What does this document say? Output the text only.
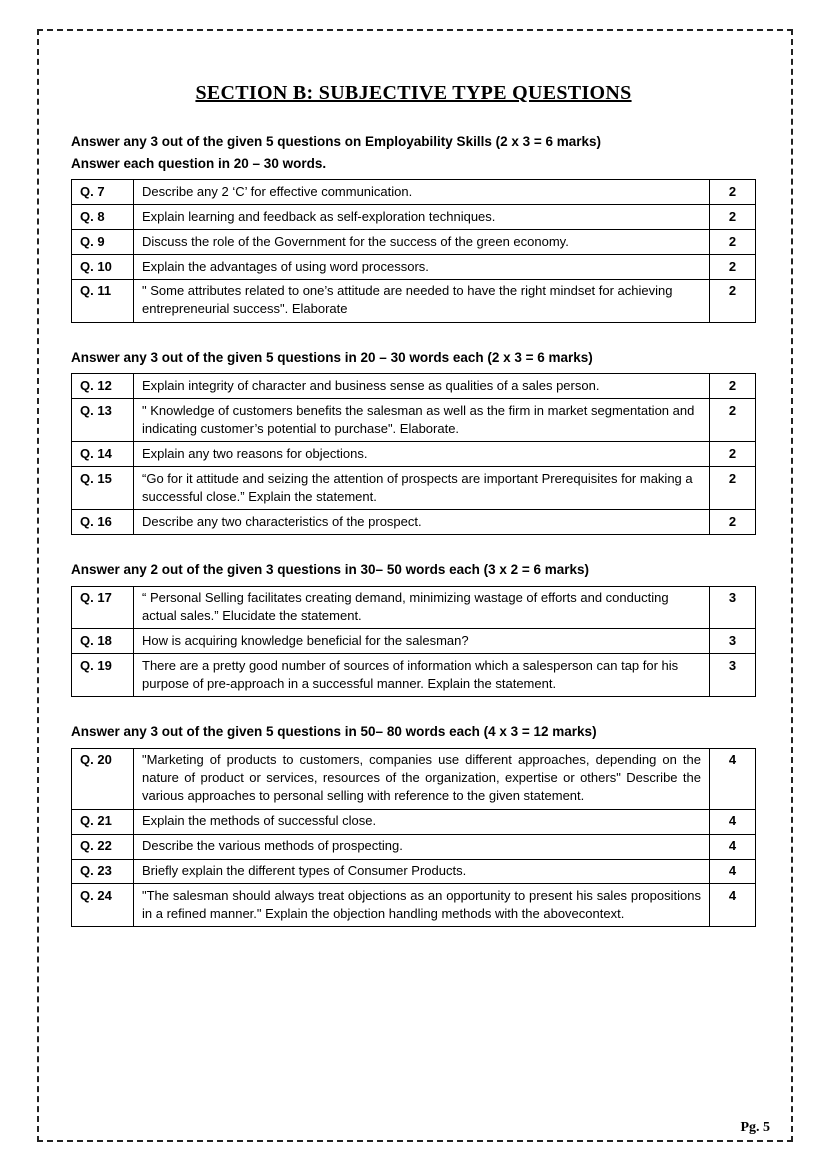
SECTION B: SUBJECTIVE TYPE QUESTIONS

Answer any 3 out of the given 5 questions on Employability Skills (2 x 3 = 6 marks)

Answer each question in 20 – 30 words.

Q. 7	Describe any 2 ‘C’ for effective communication.	2
Q. 8	Explain learning and feedback as self-exploration techniques.	2
Q. 9	Discuss the role of the Government for the success of the green economy.	2
Q. 10	Explain the advantages of using word processors.	2
Q. 11	" Some attributes related to one’s attitude are needed to have the right mindset for achieving entrepreneurial success". Elaborate	2

Answer any 3 out of the given 5 questions in 20 – 30 words each (2 x 3 = 6 marks)

Q. 12	Explain integrity of character and business sense as qualities of a sales person.	2
Q. 13	" Knowledge of customers benefits the salesman as well as the firm in market segmentation and indicating customer’s potential to purchase". Elaborate.	2
Q. 14	Explain any two reasons for objections.	2
Q. 15	“Go for it attitude and seizing the attention of prospects are important Prerequisites for making a successful close.” Explain the statement.	2
Q. 16	Describe any two characteristics of the prospect.	2

Answer any 2 out of the given 3 questions in 30– 50 words each (3 x 2 = 6 marks)

Q. 17	“ Personal Selling facilitates creating demand, minimizing wastage of efforts and conducting actual sales.” Elucidate the statement.	3
Q. 18	How is acquiring knowledge beneficial for the salesman?	3
Q. 19	There are a pretty good number of sources of information which a salesperson can tap for his purpose of pre-approach in a successful manner. Explain the statement.	3

Answer any 3 out of the given 5 questions in 50– 80 words each (4 x 3 = 12 marks)

Q. 20	"Marketing of products to customers, companies use different approaches, depending on the nature of product or services, resources of the organization, expertise or others" Describe the various approaches to personal selling with reference to the given statement.	4
Q. 21	Explain the methods of successful close.	4
Q. 22	Describe the various methods of prospecting.	4
Q. 23	Briefly explain the different types of Consumer Products.	4
Q. 24	"The salesman should always treat objections as an opportunity to present his sales propositions in a refined manner." Explain the objection handling methods with the abovecontext.	4
Pg. 5
